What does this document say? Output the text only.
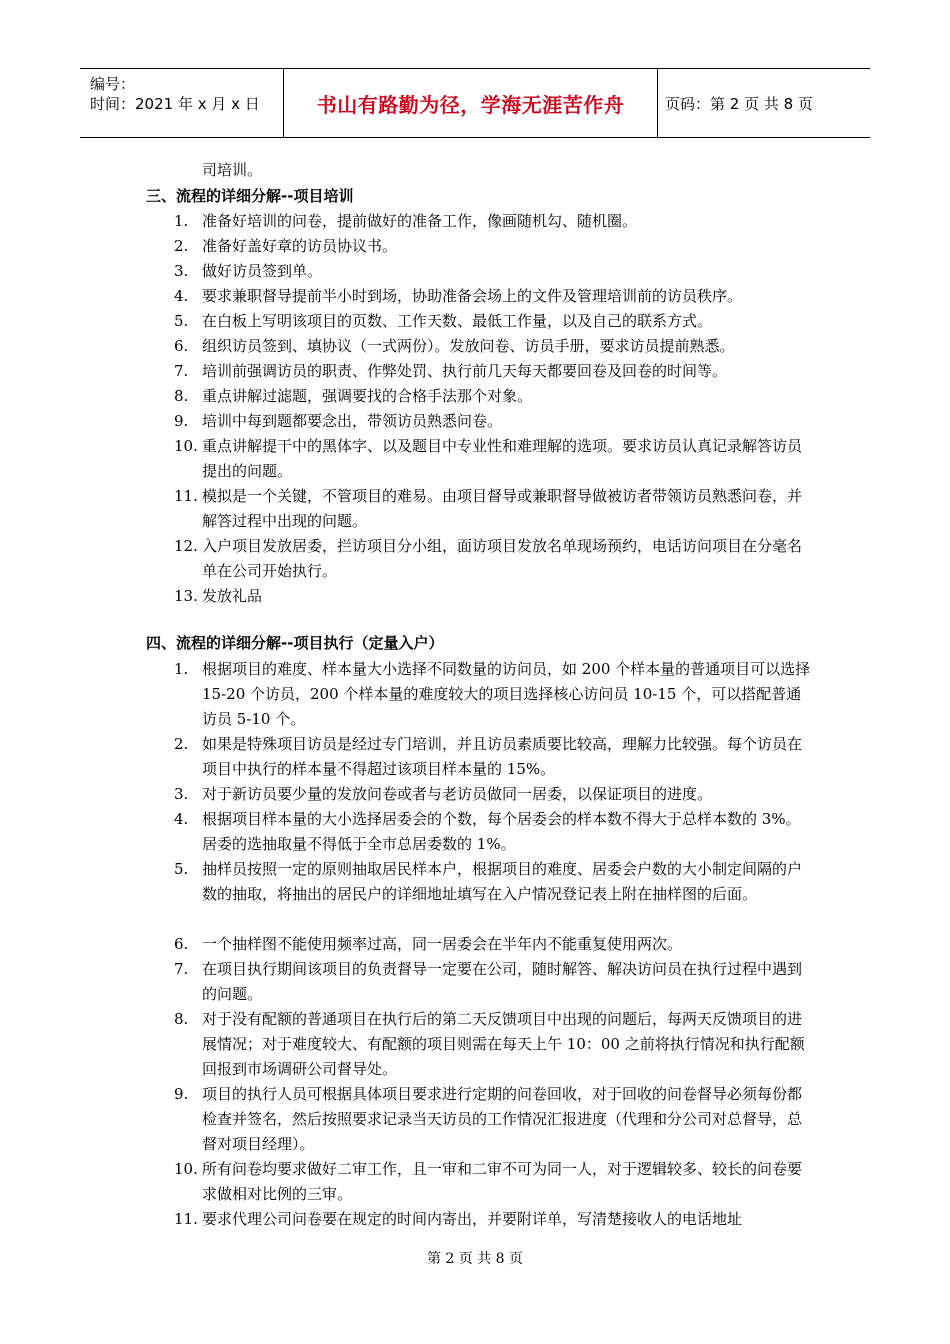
编号：
时间：2021 年 x 月 x 日	书山有路勤为径，学海无涯苦作舟	页码：第 2 页 共 8 页
司培训。
三、流程的详细分解--项目培训
1. 准备好培训的问卷，提前做好的准备工作，像画随机勾、随机圈。
2. 准备好盖好章的访员协议书。
3. 做好访员签到单。
4. 要求兼职督导提前半小时到场，协助准备会场上的文件及管理培训前的访员秩序。
5. 在白板上写明该项目的页数、工作天数、最低工作量，以及自己的联系方式。
6. 组织访员签到、填协议（一式两份）。发放问卷、访员手册，要求访员提前熟悉。
7. 培训前强调访员的职责、作弊处罚、执行前几天每天都要回卷及回卷的时间等。
8. 重点讲解过滤题，强调要找的合格手法那个对象。
9. 培训中每到题都要念出，带领访员熟悉问卷。
10. 重点讲解提干中的黑体字、以及题目中专业性和难理解的选项。要求访员认真记录解答访员提出的问题。
11. 模拟是一个关键，不管项目的难易。由项目督导或兼职督导做被访者带领访员熟悉问卷，并解答过程中出现的问题。
12. 入户项目发放居委，拦访项目分小组，面访项目发放名单现场预约，电话访问项目在分毫名单在公司开始执行。
13. 发放礼品
四、流程的详细分解--项目执行（定量入户）
1. 根据项目的难度、样本量大小选择不同数量的访问员，如 200 个样本量的普通项目可以选择 15-20 个访员，200 个样本量的难度较大的项目选择核心访问员 10-15 个，可以搭配普通访员 5-10 个。
2. 如果是特殊项目访员是经过专门培训，并且访员素质要比较高，理解力比较强。每个访员在项目中执行的样本量不得超过该项目样本量的 15%。
3. 对于新访员要少量的发放问卷或者与老访员做同一居委，以保证项目的进度。
4. 根据项目样本量的大小选择居委会的个数，每个居委会的样本数不得大于总样本数的 3%。居委的选抽取量不得低于全市总居委数的 1%。
5. 抽样员按照一定的原则抽取居民样本户，根据项目的难度、居委会户数的大小制定间隔的户数的抽取，将抽出的居民户的详细地址填写在入户情况登记表上附在抽样图的后面。
6. 一个抽样图不能使用频率过高，同一居委会在半年内不能重复使用两次。
7. 在项目执行期间该项目的负责督导一定要在公司，随时解答、解决访问员在执行过程中遇到的问题。
8. 对于没有配额的普通项目在执行后的第二天反馈项目中出现的问题后，每两天反馈项目的进展情况；对于难度较大、有配额的项目则需在每天上午 10：00 之前将执行情况和执行配额回报到市场调研公司督导处。
9. 项目的执行人员可根据具体项目要求进行定期的问卷回收，对于回收的问卷督导必须每份都检查并签名，然后按照要求记录当天访员的工作情况汇报进度（代理和分公司对总督导，总督对项目经理）。
10. 所有问卷均要求做好二审工作，且一审和二审不可为同一人，对于逻辑较多、较长的问卷要求做相对比例的三审。
11. 要求代理公司问卷要在规定的时间内寄出，并要附详单，写清楚接收人的电话地址
第 2 页 共 8 页
